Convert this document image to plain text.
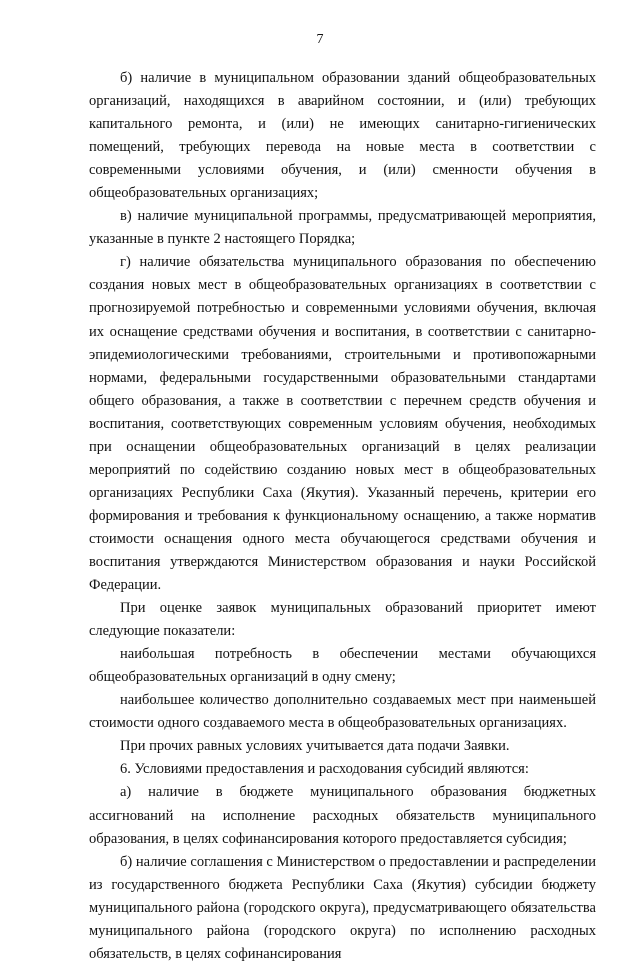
7

б) наличие в муниципальном образовании зданий общеобразовательных организаций, находящихся в аварийном состоянии, и (или) требующих капитального ремонта, и (или) не имеющих санитарно-гигиенических помещений, требующих перевода на новые места в соответствии с современными условиями обучения, и (или) сменности обучения в общеобразовательных организациях;

в) наличие муниципальной программы, предусматривающей мероприятия, указанные в пункте 2 настоящего Порядка;

г) наличие обязательства муниципального образования по обеспечению создания новых мест в общеобразовательных организациях в соответствии с прогнозируемой потребностью и современными условиями обучения, включая их оснащение средствами обучения и воспитания, в соответствии с санитарно-эпидемиологическими требованиями, строительными и противопожарными нормами, федеральными государственными образовательными стандартами общего образования, а также в соответствии с перечнем средств обучения и воспитания, соответствующих современным условиям обучения, необходимых при оснащении общеобразовательных организаций в целях реализации мероприятий по содействию созданию новых мест в общеобразовательных организациях Республики Саха (Якутия). Указанный перечень, критерии его формирования и требования к функциональному оснащению, а также норматив стоимости оснащения одного места обучающегося средствами обучения и воспитания утверждаются Министерством образования и науки Российской Федерации.

При оценке заявок муниципальных образований приоритет имеют следующие показатели:

наибольшая потребность в обеспечении местами обучающихся общеобразовательных организаций в одну смену;

наибольшее количество дополнительно создаваемых мест при наименьшей стоимости одного создаваемого места в общеобразовательных организациях.

При прочих равных условиях учитывается дата подачи Заявки.

6. Условиями предоставления и расходования субсидий являются:

а) наличие в бюджете муниципального образования бюджетных ассигнований на исполнение расходных обязательств муниципального образования, в целях софинансирования которого предоставляется субсидия;

б) наличие соглашения с Министерством о предоставлении и распределении из государственного бюджета Республики Саха (Якутия) субсидии бюджету муниципального района (городского округа), предусматривающего обязательства муниципального района (городского округа) по исполнению расходных обязательств, в целях софинансирования
